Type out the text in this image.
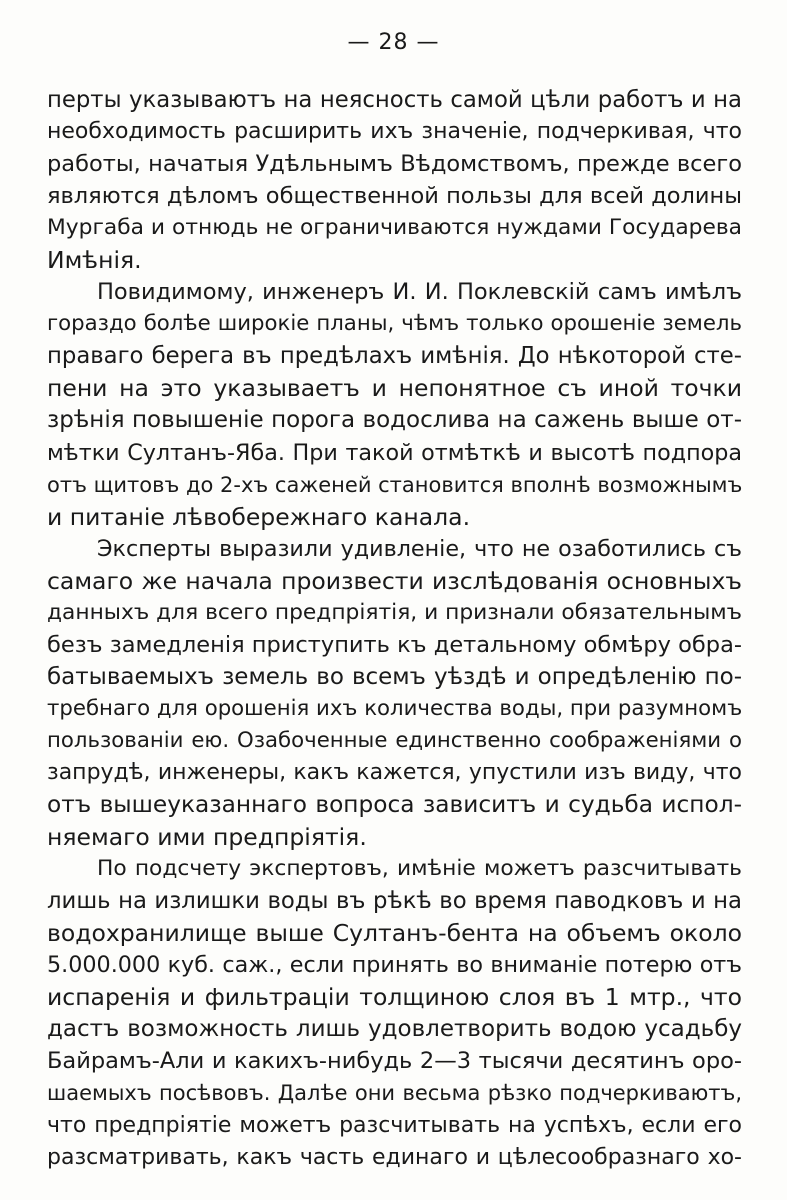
— 28 —
перты указываютъ на неясность самой цѣли работъ и на
необходимость расширить ихъ значеніе, подчеркивая, что
работы, начатыя Удѣльнымъ Вѣдомствомъ, прежде всего
являются дѣломъ общественной пользы для всей долины
Мургаба и отнюдь не ограничиваются нуждами Государева
Имѣнія.
Повидимому, инженеръ И. И. Поклевскій самъ имѣлъ
гораздо болѣе широкіе планы, чѣмъ только орошеніе земель
праваго берега въ предѣлахъ имѣнія. До нѣкоторой сте-
пени на это указываетъ и непонятное съ иной точки
зрѣнія повышеніе порога водослива на сажень выше от-
мѣтки Султанъ-Яба. При такой отмѣткѣ и высотѣ подпора
отъ щитовъ до 2-хъ саженей становится вполнѣ возможнымъ
и питаніе лѣвобережнаго канала.
Эксперты выразили удивленіе, что не озаботились съ
самаго же начала произвести изслѣдованія основныхъ
данныхъ для всего предпріятія, и признали обязательнымъ
безъ замедленія приступить къ детальному обмѣру обра-
батываемыхъ земель во всемъ уѣздѣ и опредѣленію по-
требнаго для орошенія ихъ количества воды, при разумномъ
пользованіи ею. Озабоченные единственно соображеніями о
запрудѣ, инженеры, какъ кажется, упустили изъ виду, что
отъ вышеуказаннаго вопроса зависитъ и судьба испол-
няемаго ими предпріятія.
По подсчету экспертовъ, имѣніе можетъ разсчитывать
лишь на излишки воды въ рѣкѣ во время паводковъ и на
водохранилище выше Султанъ-бента на объемъ около
5.000.000 куб. саж., если принять во вниманіе потерю отъ
испаренія и фильтраціи толщиною слоя въ 1 мтр., что
дастъ возможность лишь удовлетворить водою усадьбу
Байрамъ-Али и какихъ-нибудь 2—3 тысячи десятинъ оро-
шаемыхъ посѣвовъ. Далѣе они весьма рѣзко подчеркиваютъ,
что предпріятіе можетъ разсчитывать на успѣхъ, если его
разсматривать, какъ часть единаго и цѣлесообразнаго хо-
